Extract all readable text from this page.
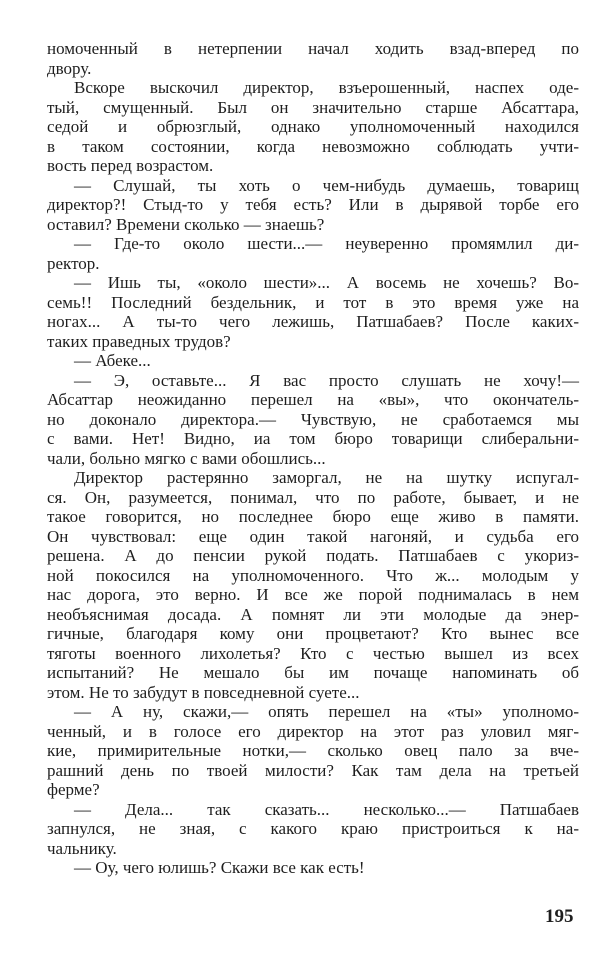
номоченный в нетерпении начал ходить взад-вперед по
двору.
Вскоре выскочил директор, взъерошенный, наспех оде-
тый, смущенный. Был он значительно старше Абсаттара,
седой и обрюзглый, однако уполномоченный находился
в таком состоянии, когда невозможно соблюдать учти-
вость перед возрастом.
— Слушай, ты хоть о чем-нибудь думаешь, товарищ
директор?! Стыд-то у тебя есть? Или в дырявой торбе его
оставил? Времени сколько — знаешь?
— Где-то около шести...— неуверенно промямлил ди-
ректор.
— Ишь ты, «около шести»... А восемь не хочешь? Во-
семь!! Последний бездельник, и тот в это время уже на
ногах... А ты-то чего лежишь, Патшабаев? После каких-
таких праведных трудов?
— Абеке...
— Э, оставьте... Я вас просто слушать не хочу!—
Абсаттар неожиданно перешел на «вы», что окончатель-
но доконало директора.— Чувствую, не сработаемся мы
с вами. Нет! Видно, иа том бюро товарищи слиберальни-
чали, больно мягко с вами обошлись...
Директор растерянно заморгал, не на шутку испугал-
ся. Он, разумеется, понимал, что по работе, бывает, и не
такое говорится, но последнее бюро еще живо в памяти.
Он чувствовал: еще один такой нагоняй, и судьба его
решена. А до пенсии рукой подать. Патшабаев с укориз-
ной покосился на уполномоченного. Что ж... молодым у
нас дорога, это верно. И все же порой поднималась в нем
необъяснимая досада. А помнят ли эти молодые да энер-
гичные, благодаря кому они процветают? Кто вынес все
тяготы военного лихолетья? Кто с честью вышел из всех
испытаний? Не мешало бы им почаще напоминать об
этом. Не то забудут в повседневной суете...
— А ну, скажи,— опять перешел на «ты» уполномо-
ченный, и в голосе его директор на этот раз уловил мяг-
кие, примирительные нотки,— сколько овец пало за вче-
рашний день по твоей милости? Как там дела на третьей
ферме?
— Дела... так сказать... несколько...— Патшабаев
запнулся, не зная, с какого краю пристроиться к на-
чальнику.
— Оу, чего юлишь? Скажи все как есть!
195
